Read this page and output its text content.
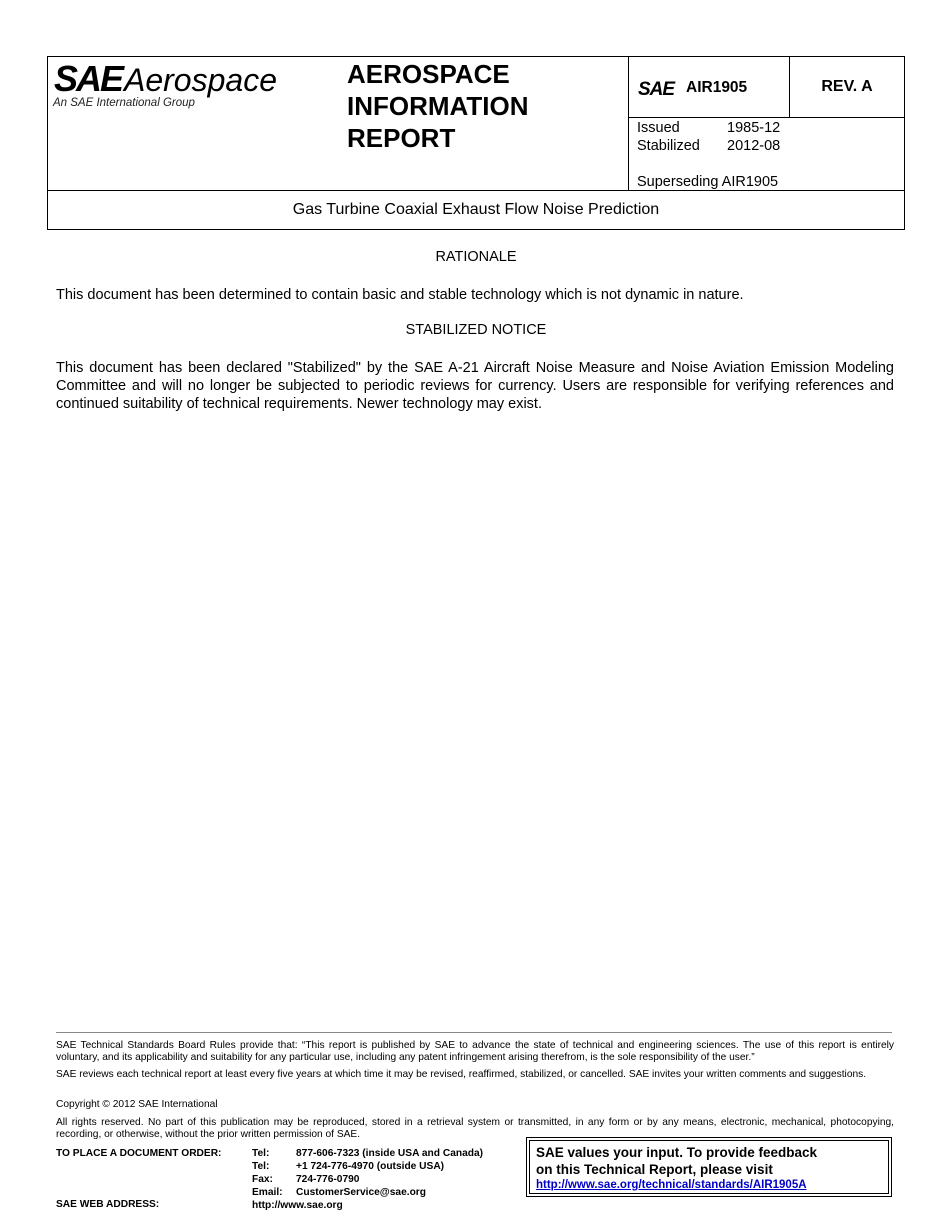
SAE Aerospace
An SAE International Group
AEROSPACE
INFORMATION
REPORT
SAE AIR1905	REV. A
Issued	1985-12
Stabilized	2012-08
Superseding AIR1905
Gas Turbine Coaxial Exhaust Flow Noise Prediction
RATIONALE
This document has been determined to contain basic and stable technology which is not dynamic in nature.
STABILIZED NOTICE
This document has been declared "Stabilized" by the SAE A-21 Aircraft Noise Measure and Noise Aviation Emission Modeling Committee and will no longer be subjected to periodic reviews for currency. Users are responsible for verifying references and continued suitability of technical requirements. Newer technology may exist.
SAE Technical Standards Board Rules provide that: “This report is published by SAE to advance the state of technical and engineering sciences. The use of this report is entirely voluntary, and its applicability and suitability for any particular use, including any patent infringement arising therefrom, is the sole responsibility of the user.”
SAE reviews each technical report at least every five years at which time it may be revised, reaffirmed, stabilized, or cancelled. SAE invites your written comments and suggestions.
Copyright © 2012 SAE International
All rights reserved. No part of this publication may be reproduced, stored in a retrieval system or transmitted, in any form or by any means, electronic, mechanical, photocopying, recording, or otherwise, without the prior written permission of SAE.
TO PLACE A DOCUMENT ORDER:
SAE WEB ADDRESS:
Tel:	877-606-7323 (inside USA and Canada)
Tel:	+1 724-776-4970 (outside USA)
Fax:	724-776-0790
Email:	CustomerService@sae.org
http://www.sae.org
SAE values your input. To provide feedback
on this Technical Report, please visit
http://www.sae.org/technical/standards/AIR1905A
